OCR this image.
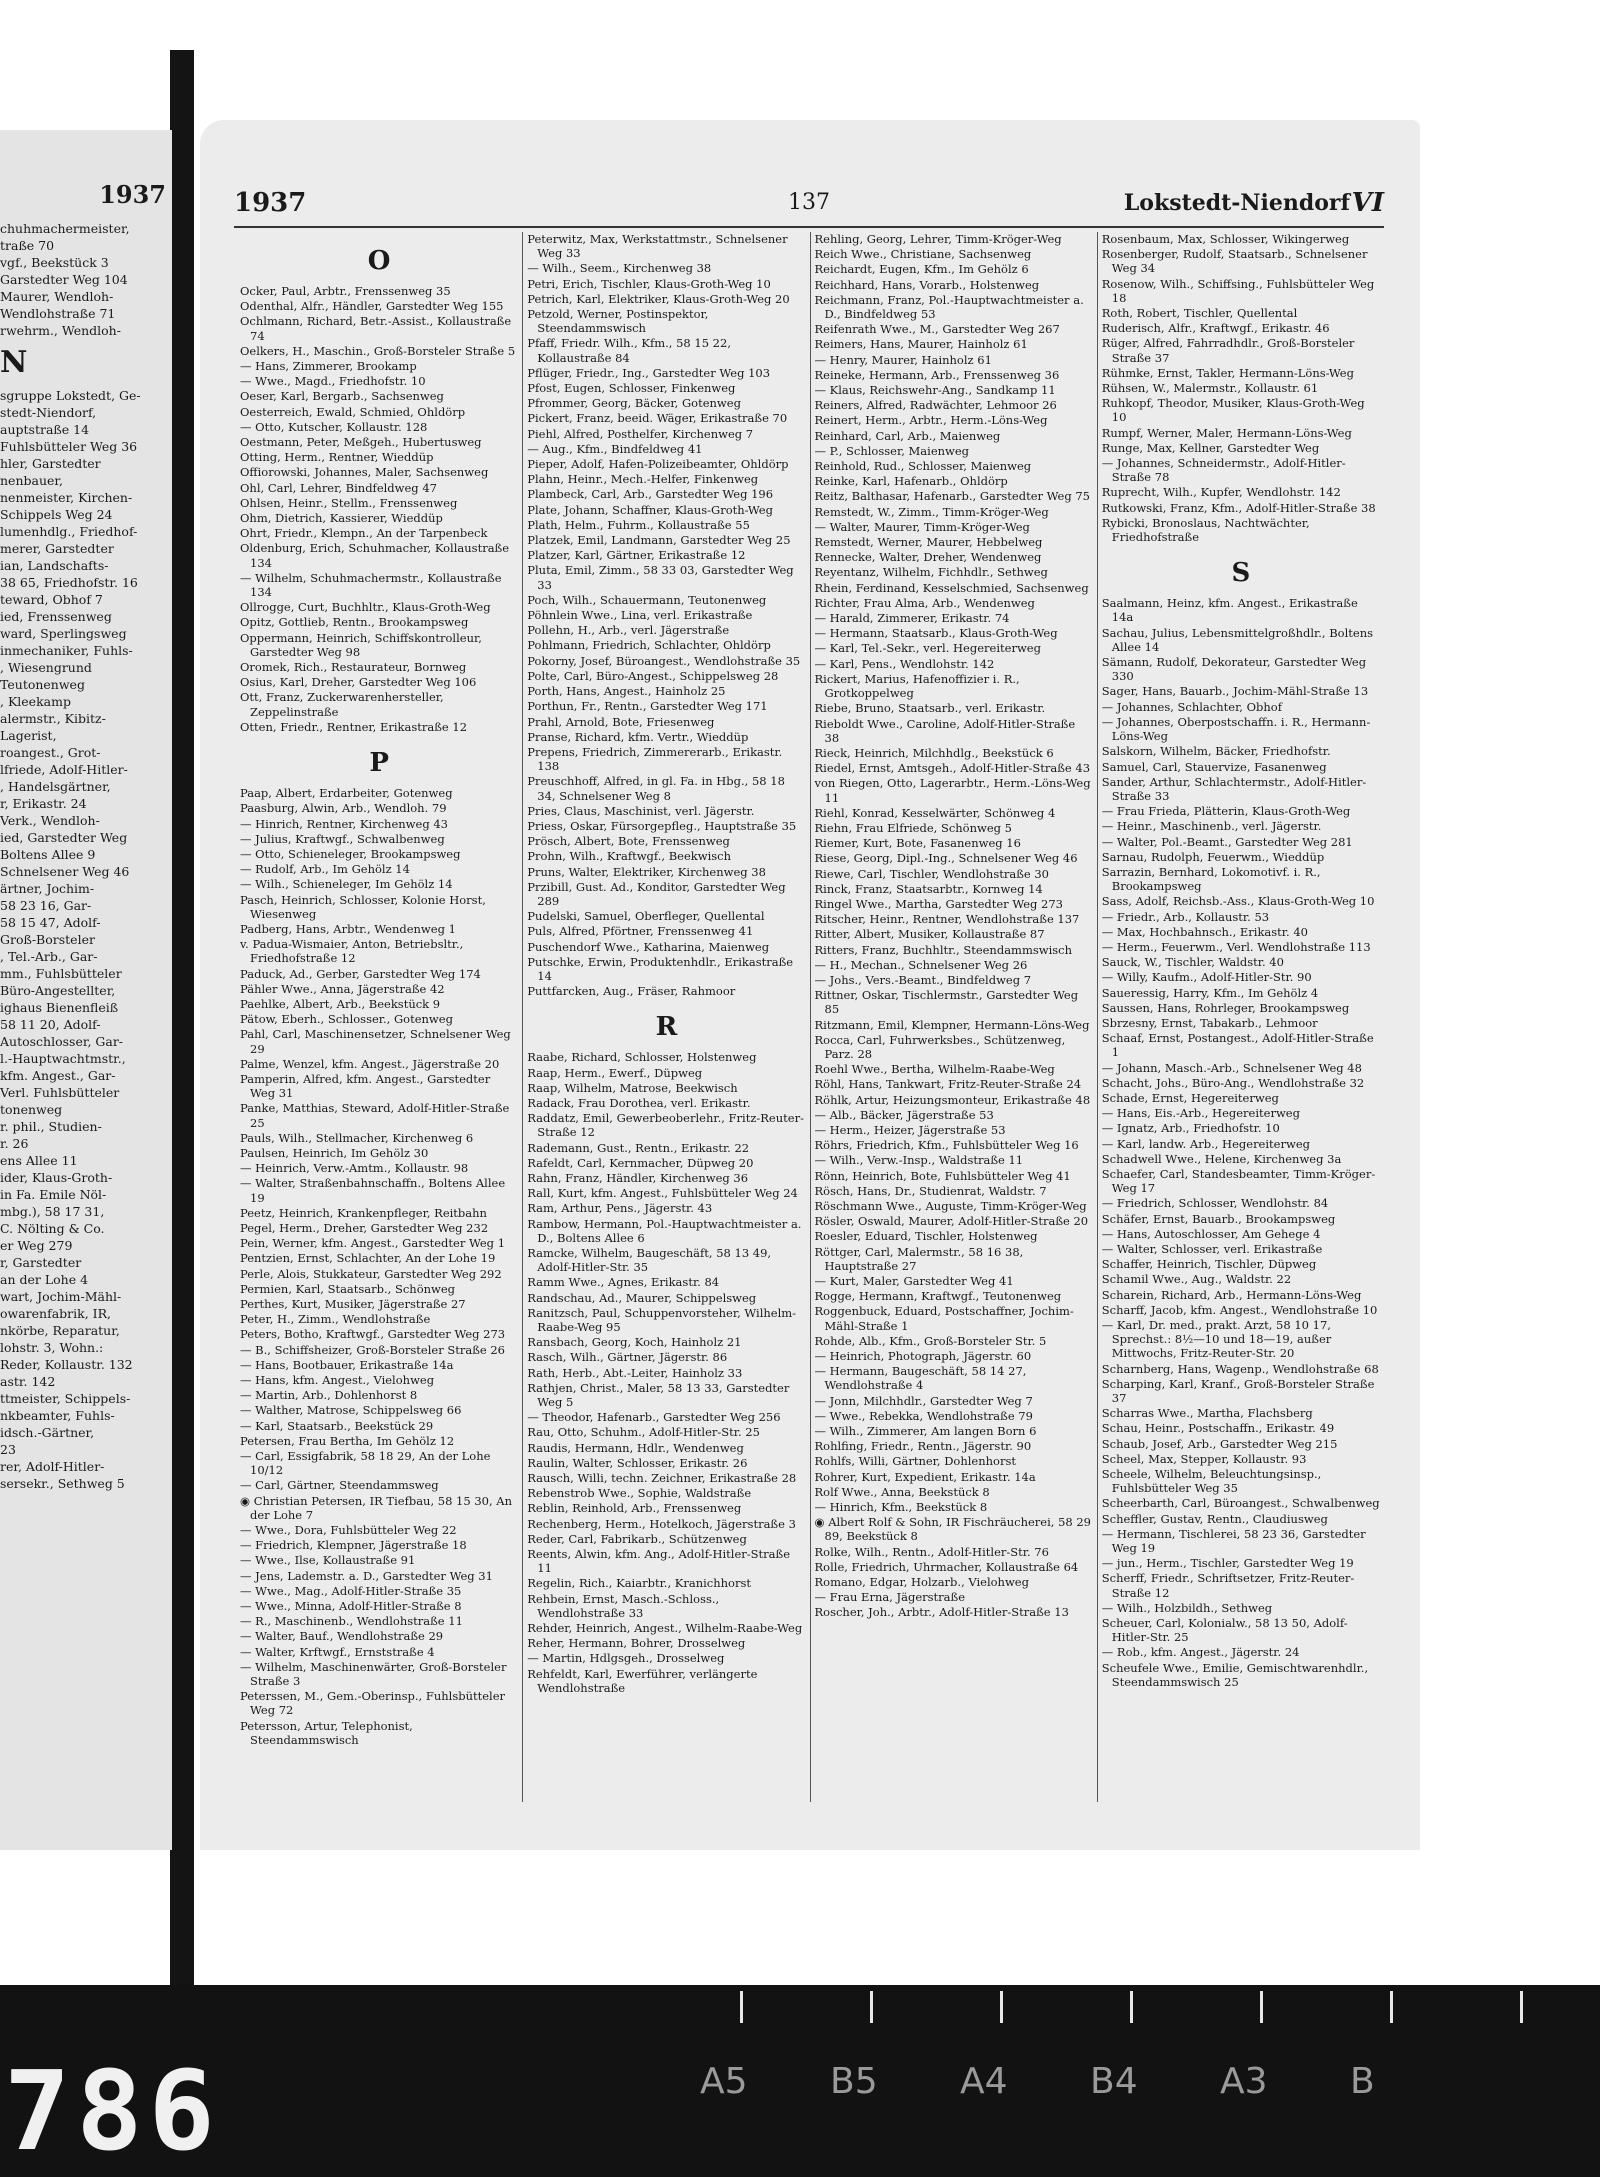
1937
chuhmachermeister,
traße 70
vgf., Beekstück 3
Garstedter Weg 104
Maurer, Wendloh-
Wendlohstraße 71
rwehrm., Wendloh-
N
sgruppe Lokstedt, Ge-
stedt-Niendorf,
auptstraße 14
Fuhlsbütteler Weg 36
hler, Garstedter
nenbauer,
nenmeister, Kirchen-
Schippels Weg 24
lumenhdlg., Friedhof-
merer, Garstedter
ian, Landschafts-
38 65, Friedhofstr. 16
teward, Obhof 7
ied, Frenssenweg
ward, Sperlingsweg
inmechaniker, Fuhls-
, Wiesengrund
Teutonenweg
, Kleekamp
alermstr., Kibitz-
Lagerist,
roangest., Grot-
lfriede, Adolf-Hitler-
, Handelsgärtner,
r, Erikastr. 24
Verk., Wendloh-
ied, Garstedter Weg
Boltens Allee 9
Schnelsener Weg 46
ärtner, Jochim-
58 23 16, Gar-
58 15 47, Adolf-
Groß-Borsteler
, Tel.-Arb., Gar-
mm., Fuhlsbütteler
Büro-Angestellter,
ighaus Bienenfleiß
58 11 20, Adolf-
Autoschlosser, Gar-
l.-Hauptwachtmstr.,
kfm. Angest., Gar-
Verl. Fuhlsbütteler
tonenweg
r. phil., Studien-
r. 26
ens Allee 11
ider, Klaus-Groth-
in Fa. Emile Nöl-
mbg.), 58 17 31,
C. Nölting & Co.
er Weg 279
r, Garstedter
an der Lohe 4
wart, Jochim-Mähl-
owarenfabrik, IR,
nkörbe, Reparatur,
lohstr. 3, Wohn.:
Reder, Kollaustr. 132
astr. 142
ttmeister, Schippels-
nkbeamter, Fuhls-
idsch.-Gärtner,
23
rer, Adolf-Hitler-
sersekr., Sethweg 5
1937	137	Lokstedt-Niendorf VI
O
Ocker, Paul, Arbtr., Frenssenweg 35
Odenthal, Alfr., Händler, Garstedter Weg 155
Ochlmann, Richard, Betr.-Assist., Kollaustraße 74
Oelkers, H., Maschin., Groß-Borsteler Straße 5
— Hans, Zimmerer, Brookamp
— Wwe., Magd., Friedhofstr. 10
Oeser, Karl, Bergarb., Sachsenweg
Oesterreich, Ewald, Schmied, Ohldörp
— Otto, Kutscher, Kollaustr. 128
Oestmann, Peter, Meßgeh., Hubertusweg
Otting, Herm., Rentner, Wieddüp
Offiorowski, Johannes, Maler, Sachsenweg
Ohl, Carl, Lehrer, Bindfeldweg 47
Ohlsen, Heinr., Stellm., Frenssenweg
Ohm, Dietrich, Kassierer, Wieddüp
Ohrt, Friedr., Klempn., An der Tarpenbeck
Oldenburg, Erich, Schuhmacher, Kollaustraße 134
— Wilhelm, Schuhmachermstr., Kollaustraße 134
Ollrogge, Curt, Buchhltr., Klaus-Groth-Weg
Opitz, Gottlieb, Rentn., Brookampsweg
Oppermann, Heinrich, Schiffskontrolleur, Garstedter Weg 98
Oromek, Rich., Restaurateur, Bornweg
Osius, Karl, Dreher, Garstedter Weg 106
Ott, Franz, Zuckerwarenhersteller, Zeppelinstraße
Otten, Friedr., Rentner, Erikastraße 12
P
Paap, Albert, Erdarbeiter, Gotenweg
Paasburg, Alwin, Arb., Wendloh. 79
— Hinrich, Rentner, Kirchenweg 43
— Julius, Kraftwgf., Schwalbenweg
— Otto, Schieneleger, Brookampsweg
— Rudolf, Arb., Im Gehölz 14
— Wilh., Schieneleger, Im Gehölz 14
Pasch, Heinrich, Schlosser, Kolonie Horst, Wiesenweg
Padberg, Hans, Arbtr., Wendenweg 1
v. Padua-Wismaier, Anton, Betriebsltr., Friedhofstraße 12
Paduck, Ad., Gerber, Garstedter Weg 174
Pähler Wwe., Anna, Jägerstraße 42
Paehlke, Albert, Arb., Beekstück 9
Pätow, Eberh., Schlosser., Gotenweg
Pahl, Carl, Maschinensetzer, Schnelsener Weg 29
Palme, Wenzel, kfm. Angest., Jägerstraße 20
Pamperin, Alfred, kfm. Angest., Garstedter Weg 31
Panke, Matthias, Steward, Adolf-Hitler-Straße 25
Pauls, Wilh., Stellmacher, Kirchenweg 6
Paulsen, Heinrich, Im Gehölz 30
— Heinrich, Verw.-Amtm., Kollaustr. 98
— Walter, Straßenbahnschaffn., Boltens Allee 19
Peetz, Heinrich, Krankenpfleger, Reitbahn
Pegel, Herm., Dreher, Garstedter Weg 232
Pein, Werner, kfm. Angest., Garstedter Weg 1
Pentzien, Ernst, Schlachter, An der Lohe 19
Perle, Alois, Stukkateur, Garstedter Weg 292
Permien, Karl, Staatsarb., Schönweg
Perthes, Kurt, Musiker, Jägerstraße 27
Peter, H., Zimm., Wendlohstraße
Peters, Botho, Kraftwgf., Garstedter Weg 273
— B., Schiffsheizer, Groß-Borsteler Straße 26
— Hans, Bootbauer, Erikastraße 14a
— Hans, kfm. Angest., Vielohweg
— Martin, Arb., Dohlenhorst 8
— Walther, Matrose, Schippelsweg 66
— Karl, Staatsarb., Beekstück 29
Petersen, Frau Bertha, Im Gehölz 12
— Carl, Essigfabrik, 58 18 29, An der Lohe 10/12
— Carl, Gärtner, Steendammsweg
◉ Christian Petersen, IR Tiefbau, 58 15 30, An der Lohe 7
— Wwe., Dora, Fuhlsbütteler Weg 22
— Friedrich, Klempner, Jägerstraße 18
— Wwe., Ilse, Kollaustraße 91
— Jens, Lademstr. a. D., Garstedter Weg 31
— Wwe., Mag., Adolf-Hitler-Straße 35
— Wwe., Minna, Adolf-Hitler-Straße 8
— R., Maschinenb., Wendlohstraße 11
— Walter, Bauf., Wendlohstraße 29
— Walter, Krftwgf., Ernststraße 4
— Wilhelm, Maschinenwärter, Groß-Borsteler Straße 3
Peterssen, M., Gem.-Oberinsp., Fuhlsbütteler Weg 72
Petersson, Artur, Telephonist, Steendammswisch
Peterwitz, Max, Werkstattmstr., Schnelsener Weg 33
— Wilh., Seem., Kirchenweg 38
Petri, Erich, Tischler, Klaus-Groth-Weg 10
Petrich, Karl, Elektriker, Klaus-Groth-Weg 20
Petzold, Werner, Postinspektor, Steendammswisch
Pfaff, Friedr. Wilh., Kfm., 58 15 22, Kollaustraße 84
Pflüger, Friedr., Ing., Garstedter Weg 103
Pfost, Eugen, Schlosser, Finkenweg
Pfrommer, Georg, Bäcker, Gotenweg
Pickert, Franz, beeid. Wäger, Erikastraße 70
Piehl, Alfred, Posthelfer, Kirchenweg 7
— Aug., Kfm., Bindfeldweg 41
Pieper, Adolf, Hafen-Polizeibeamter, Ohldörp
Plahn, Heinr., Mech.-Helfer, Finkenweg
Plambeck, Carl, Arb., Garstedter Weg 196
Plate, Johann, Schaffner, Klaus-Groth-Weg
Plath, Helm., Fuhrm., Kollaustraße 55
Platzek, Emil, Landmann, Garstedter Weg 25
Platzer, Karl, Gärtner, Erikastraße 12
Pluta, Emil, Zimm., 58 33 03, Garstedter Weg 33
Poch, Wilh., Schauermann, Teutonenweg
Pöhnlein Wwe., Lina, verl. Erikastraße
Pollehn, H., Arb., verl. Jägerstraße
Pohlmann, Friedrich, Schlachter, Ohldörp
Pokorny, Josef, Büroangest., Wendlohstraße 35
Polte, Carl, Büro-Angest., Schippelsweg 28
Porth, Hans, Angest., Hainholz 25
Porthun, Fr., Rentn., Garstedter Weg 171
Prahl, Arnold, Bote, Friesenweg
Pranse, Richard, kfm. Vertr., Wieddüp
Prepens, Friedrich, Zimmererarb., Erikastr. 138
Preuschhoff, Alfred, in gl. Fa. in Hbg., 58 18 34, Schnelsener Weg 8
Pries, Claus, Maschinist, verl. Jägerstr.
Priess, Oskar, Fürsorgepfleg., Hauptstraße 35
Prösch, Albert, Bote, Frenssenweg
Prohn, Wilh., Kraftwgf., Beekwisch
Pruns, Walter, Elektriker, Kirchenweg 38
Przibill, Gust. Ad., Konditor, Garstedter Weg 289
Pudelski, Samuel, Oberfleger, Quellental
Puls, Alfred, Pförtner, Frenssenweg 41
Puschendorf Wwe., Katharina, Maienweg
Putschke, Erwin, Produktenhdlr., Erikastraße 14
Puttfarcken, Aug., Fräser, Rahmoor
R
Raabe, Richard, Schlosser, Holstenweg
Raap, Herm., Ewerf., Düpweg
Raap, Wilhelm, Matrose, Beekwisch
Radack, Frau Dorothea, verl. Erikastr.
Raddatz, Emil, Gewerbeoberlehr., Fritz-Reuter-Straße 12
Rademann, Gust., Rentn., Erikastr. 22
Rafeldt, Carl, Kernmacher, Düpweg 20
Rahn, Franz, Händler, Kirchenweg 36
Rall, Kurt, kfm. Angest., Fuhlsbütteler Weg 24
Ram, Arthur, Pens., Jägerstr. 43
Rambow, Hermann, Pol.-Hauptwachtmeister a. D., Boltens Allee 6
Ramcke, Wilhelm, Baugeschäft, 58 13 49, Adolf-Hitler-Str. 35
Ramm Wwe., Agnes, Erikastr. 84
Randschau, Ad., Maurer, Schippelsweg
Ranitzsch, Paul, Schuppenvorsteher, Wilhelm-Raabe-Weg 95
Ransbach, Georg, Koch, Hainholz 21
Rasch, Wilh., Gärtner, Jägerstr. 86
Rath, Herb., Abt.-Leiter, Hainholz 33
Rathjen, Christ., Maler, 58 13 33, Garstedter Weg 5
— Theodor, Hafenarb., Garstedter Weg 256
Rau, Otto, Schuhm., Adolf-Hitler-Str. 25
Raudis, Hermann, Hdlr., Wendenweg
Raulin, Walter, Schlosser, Erikastr. 26
Rausch, Willi, techn. Zeichner, Erikastraße 28
Rebenstrob Wwe., Sophie, Waldstraße
Reblin, Reinhold, Arb., Frenssenweg
Rechenberg, Herm., Hotelkoch, Jägerstraße 3
Reder, Carl, Fabrikarb., Schützenweg
Reents, Alwin, kfm. Ang., Adolf-Hitler-Straße 11
Regelin, Rich., Kaiarbtr., Kranichhorst
Rehbein, Ernst, Masch.-Schloss., Wendlohstraße 33
Rehder, Heinrich, Angest., Wilhelm-Raabe-Weg
Reher, Hermann, Bohrer, Drosselweg
— Martin, Hdlgsgeh., Drosselweg
Rehfeldt, Karl, Ewerführer, verlängerte Wendlohstraße
Rehling, Georg, Lehrer, Timm-Kröger-Weg
Reich Wwe., Christiane, Sachsenweg
Reichardt, Eugen, Kfm., Im Gehölz 6
Reichhard, Hans, Vorarb., Holstenweg
Reichmann, Franz, Pol.-Hauptwachtmeister a. D., Bindfeldweg 53
Reifenrath Wwe., M., Garstedter Weg 267
Reimers, Hans, Maurer, Hainholz 61
— Henry, Maurer, Hainholz 61
Reineke, Hermann, Arb., Frenssenweg 36
— Klaus, Reichswehr-Ang., Sandkamp 11
Reiners, Alfred, Radwächter, Lehmoor 26
Reinert, Herm., Arbtr., Herm.-Löns-Weg
Reinhard, Carl, Arb., Maienweg
— P., Schlosser, Maienweg
Reinhold, Rud., Schlosser, Maienweg
Reinke, Karl, Hafenarb., Ohldörp
Reitz, Balthasar, Hafenarb., Garstedter Weg 75
Remstedt, W., Zimm., Timm-Kröger-Weg
— Walter, Maurer, Timm-Kröger-Weg
Remstedt, Werner, Maurer, Hebbelweg
Rennecke, Walter, Dreher, Wendenweg
Reyentanz, Wilhelm, Fichhdlr., Sethweg
Rhein, Ferdinand, Kesselschmied, Sachsenweg
Richter, Frau Alma, Arb., Wendenweg
— Harald, Zimmerer, Erikastr. 74
— Hermann, Staatsarb., Klaus-Groth-Weg
— Karl, Tel.-Sekr., verl. Hegereiterweg
— Karl, Pens., Wendlohstr. 142
Rickert, Marius, Hafenoffizier i. R., Grotkoppelweg
Riebe, Bruno, Staatsarb., verl. Erikastr.
Rieboldt Wwe., Caroline, Adolf-Hitler-Straße 38
Rieck, Heinrich, Milchhdlg., Beekstück 6
Riedel, Ernst, Amtsgeh., Adolf-Hitler-Straße 43
von Riegen, Otto, Lagerarbtr., Herm.-Löns-Weg 11
Riehl, Konrad, Kesselwärter, Schönweg 4
Riehn, Frau Elfriede, Schönweg 5
Riemer, Kurt, Bote, Fasanenweg 16
Riese, Georg, Dipl.-Ing., Schnelsener Weg 46
Riewe, Carl, Tischler, Wendlohstraße 30
Rinck, Franz, Staatsarbtr., Kornweg 14
Ringel Wwe., Martha, Garstedter Weg 273
Ritscher, Heinr., Rentner, Wendlohstraße 137
Ritter, Albert, Musiker, Kollaustraße 87
Ritters, Franz, Buchhltr., Steendammswisch
— H., Mechan., Schnelsener Weg 26
— Johs., Vers.-Beamt., Bindfeldweg 7
Rittner, Oskar, Tischlermstr., Garstedter Weg 85
Ritzmann, Emil, Klempner, Hermann-Löns-Weg
Rocca, Carl, Fuhrwerksbes., Schützenweg, Parz. 28
Roehl Wwe., Bertha, Wilhelm-Raabe-Weg
Röhl, Hans, Tankwart, Fritz-Reuter-Straße 24
Röhlk, Artur, Heizungsmonteur, Erikastraße 48
— Alb., Bäcker, Jägerstraße 53
— Herm., Heizer, Jägerstraße 53
Röhrs, Friedrich, Kfm., Fuhlsbütteler Weg 16
— Wilh., Verw.-Insp., Waldstraße 11
Rönn, Heinrich, Bote, Fuhlsbütteler Weg 41
Rösch, Hans, Dr., Studienrat, Waldstr. 7
Röschmann Wwe., Auguste, Timm-Kröger-Weg
Rösler, Oswald, Maurer, Adolf-Hitler-Straße 20
Roesler, Eduard, Tischler, Holstenweg
Röttger, Carl, Malermstr., 58 16 38, Hauptstraße 27
— Kurt, Maler, Garstedter Weg 41
Rogge, Hermann, Kraftwgf., Teutonenweg
Roggenbuck, Eduard, Postschaffner, Jochim-Mähl-Straße 1
Rohde, Alb., Kfm., Groß-Borsteler Str. 5
— Heinrich, Photograph, Jägerstr. 60
— Hermann, Baugeschäft, 58 14 27, Wendlohstraße 4
— Jonn, Milchhdlr., Garstedter Weg 7
— Wwe., Rebekka, Wendlohstraße 79
— Wilh., Zimmerer, Am langen Born 6
Rohlfing, Friedr., Rentn., Jägerstr. 90
Rohlfs, Willi, Gärtner, Dohlenhorst
Rohrer, Kurt, Expedient, Erikastr. 14a
Rolf Wwe., Anna, Beekstück 8
— Hinrich, Kfm., Beekstück 8
◉ Albert Rolf & Sohn, IR Fischräucherei, 58 29 89, Beekstück 8
Rolke, Wilh., Rentn., Adolf-Hitler-Str. 76
Rolle, Friedrich, Uhrmacher, Kollaustraße 64
Romano, Edgar, Holzarb., Vielohweg
— Frau Erna, Jägerstraße
Roscher, Joh., Arbtr., Adolf-Hitler-Straße 13
Rosenbaum, Max, Schlosser, Wikingerweg
Rosenberger, Rudolf, Staatsarb., Schnelsener Weg 34
Rosenow, Wilh., Schiffsing., Fuhlsbütteler Weg 18
Roth, Robert, Tischler, Quellental
Ruderisch, Alfr., Kraftwgf., Erikastr. 46
Rüger, Alfred, Fahrradhdlr., Groß-Borsteler Straße 37
Rühmke, Ernst, Takler, Hermann-Löns-Weg
Rühsen, W., Malermstr., Kollaustr. 61
Ruhkopf, Theodor, Musiker, Klaus-Groth-Weg 10
Rumpf, Werner, Maler, Hermann-Löns-Weg
Runge, Max, Kellner, Garstedter Weg
— Johannes, Schneidermstr., Adolf-Hitler-Straße 78
Ruprecht, Wilh., Kupfer, Wendlohstr. 142
Rutkowski, Franz, Kfm., Adolf-Hitler-Straße 38
Rybicki, Bronoslaus, Nachtwächter, Friedhofstraße
S
Saalmann, Heinz, kfm. Angest., Erikastraße 14a
Sachau, Julius, Lebensmittelgroßhdlr., Boltens Allee 14
Sämann, Rudolf, Dekorateur, Garstedter Weg 330
Sager, Hans, Bauarb., Jochim-Mähl-Straße 13
— Johannes, Schlachter, Obhof
— Johannes, Oberpostschaffn. i. R., Hermann-Löns-Weg
Salskorn, Wilhelm, Bäcker, Friedhofstr.
Samuel, Carl, Stauervize, Fasanenweg
Sander, Arthur, Schlachtermstr., Adolf-Hitler-Straße 33
— Frau Frieda, Plätterin, Klaus-Groth-Weg
— Heinr., Maschinenb., verl. Jägerstr.
— Walter, Pol.-Beamt., Garstedter Weg 281
Sarnau, Rudolph, Feuerwm., Wieddüp
Sarrazin, Bernhard, Lokomotivf. i. R., Brookampsweg
Sass, Adolf, Reichsb.-Ass., Klaus-Groth-Weg 10
— Friedr., Arb., Kollaustr. 53
— Max, Hochbahnsch., Erikastr. 40
— Herm., Feuerwm., Verl. Wendlohstraße 113
Sauck, W., Tischler, Waldstr. 40
— Willy, Kaufm., Adolf-Hitler-Str. 90
Saueressig, Harry, Kfm., Im Gehölz 4
Saussen, Hans, Rohrleger, Brookampsweg
Sbrzesny, Ernst, Tabakarb., Lehmoor
Schaaf, Ernst, Postangest., Adolf-Hitler-Straße 1
— Johann, Masch.-Arb., Schnelsener Weg 48
Schacht, Johs., Büro-Ang., Wendlohstraße 32
Schade, Ernst, Hegereiterweg
— Hans, Eis.-Arb., Hegereiterweg
— Ignatz, Arb., Friedhofstr. 10
— Karl, landw. Arb., Hegereiterweg
Schadwell Wwe., Helene, Kirchenweg 3a
Schaefer, Carl, Standesbeamter, Timm-Kröger-Weg 17
— Friedrich, Schlosser, Wendlohstr. 84
Schäfer, Ernst, Bauarb., Brookampsweg
— Hans, Autoschlosser, Am Gehege 4
— Walter, Schlosser, verl. Erikastraße
Schaffer, Heinrich, Tischler, Düpweg
Schamil Wwe., Aug., Waldstr. 22
Scharein, Richard, Arb., Hermann-Löns-Weg
Scharff, Jacob, kfm. Angest., Wendlohstraße 10
— Karl, Dr. med., prakt. Arzt, 58 10 17, Sprechst.: 8½—10 und 18—19, außer Mittwochs, Fritz-Reuter-Str. 20
Scharnberg, Hans, Wagenp., Wendlohstraße 68
Scharping, Karl, Kranf., Groß-Borsteler Straße 37
Scharras Wwe., Martha, Flachsberg
Schau, Heinr., Postschaffn., Erikastr. 49
Schaub, Josef, Arb., Garstedter Weg 215
Scheel, Max, Stepper, Kollaustr. 93
Scheele, Wilhelm, Beleuchtungsinsp., Fuhlsbütteler Weg 35
Scheerbarth, Carl, Büroangest., Schwalbenweg
Scheffler, Gustav, Rentn., Claudiusweg
— Hermann, Tischlerei, 58 23 36, Garstedter Weg 19
— jun., Herm., Tischler, Garstedter Weg 19
Scherff, Friedr., Schriftsetzer, Fritz-Reuter-Straße 12
— Wilh., Holzbildh., Sethweg
Scheuer, Carl, Kolonialw., 58 13 50, Adolf-Hitler-Str. 25
— Rob., kfm. Angest., Jägerstr. 24
Scheufele Wwe., Emilie, Gemischtwarenhdlr., Steendammswisch 25
786	A5 B5 A4 B4 A3 B
